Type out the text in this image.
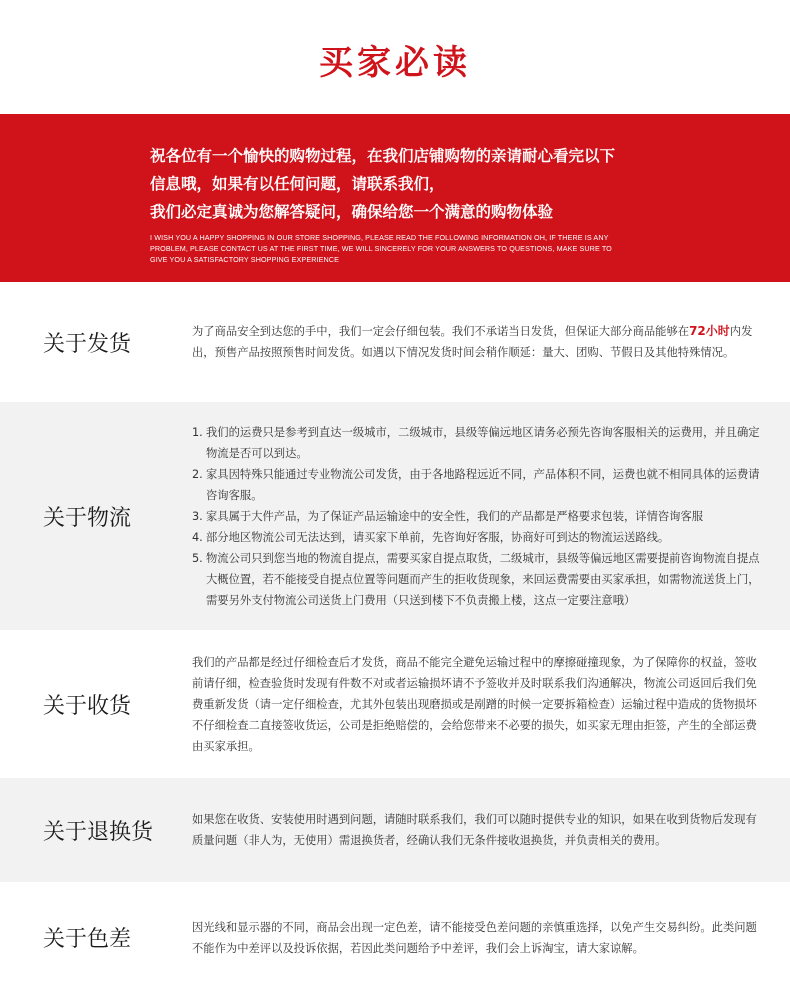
买家必读

祝各位有一个愉快的购物过程，在我们店铺购物的亲请耐心看完以下

信息哦，如果有以任何问题，请联系我们，

我们必定真诚为您解答疑问，确保给您一个满意的购物体验

I WISH YOU A HAPPY SHOPPING IN OUR STORE SHOPPING, PLEASE READ THE FOLLOWING INFORMATION OH, IF THERE IS ANY PROBLEM, PLEASE CONTACT US AT THE FIRST TIME, WE WILL SINCERELY FOR YOUR ANSWERS TO QUESTIONS, MAKE SURE TO GIVE YOU A SATISFACTORY SHOPPING EXPERIENCE
关于发货	为了商品安全到达您的手中，我们一定会仔细包装。我们不承诺当日发货，但保证大部分商品能够在72小时内发出，预售产品按照预售时间发货。如遇以下情况发货时间会稍作顺延：量大、团购、节假日及其他特殊情况。

关于物流
1. 我们的运费只是参考到直达一级城市，二级城市，县级等偏远地区请务必预先咨询客服相关的运费用，并且确定物流是否可以到达。
2. 家具因特殊只能通过专业物流公司发货，由于各地路程远近不同，产品体积不同，运费也就不相同具体的运费请咨询客服。
3. 家具属于大件产品，为了保证产品运输途中的安全性，我们的产品都是严格要求包装，详情咨询客服
4. 部分地区物流公司无法达到，请买家下单前，先咨询好客服，协商好可到达的物流运送路线。
5. 物流公司只到您当地的物流自提点，需要买家自提点取货，二级城市，县级等偏远地区需要提前咨询物流自提点大概位置，若不能接受自提点位置等问题而产生的拒收货现象，来回运费需要由买家承担，如需物流送货上门，需要另外支付物流公司送货上门费用（只送到楼下不负责搬上楼，这点一定要注意哦）
关于收货

我们的产品都是经过仔细检查后才发货，商品不能完全避免运输过程中的摩擦碰撞现象，为了保障你的权益，签收前请仔细，检查验货时发现有件数不对或者运输损坏请不予签收并及时联系我们沟通解决，物流公司返回后我们免费重新发货（请一定仔细检查，尤其外包装出现磨损或是剐蹭的时候一定要拆箱检查）运输过程中造成的货物损坏不仔细检查二直接签收货运，公司是拒绝赔偿的，会给您带来不必要的损失，如买家无理由拒签，产生的全部运费由买家承担。

关于退换货	如果您在收货、安装使用时遇到问题，请随时联系我们，我们可以随时提供专业的知识，如果在收到货物后发现有质量问题（非人为，无使用）需退换货者，经确认我们无条件接收退换货，并负责相关的费用。

关于色差	因光线和显示器的不同，商品会出现一定色差，请不能接受色差问题的亲慎重选择，以免产生交易纠纷。此类问题不能作为中差评以及投诉依据，若因此类问题给予中差评，我们会上诉淘宝，请大家谅解。
